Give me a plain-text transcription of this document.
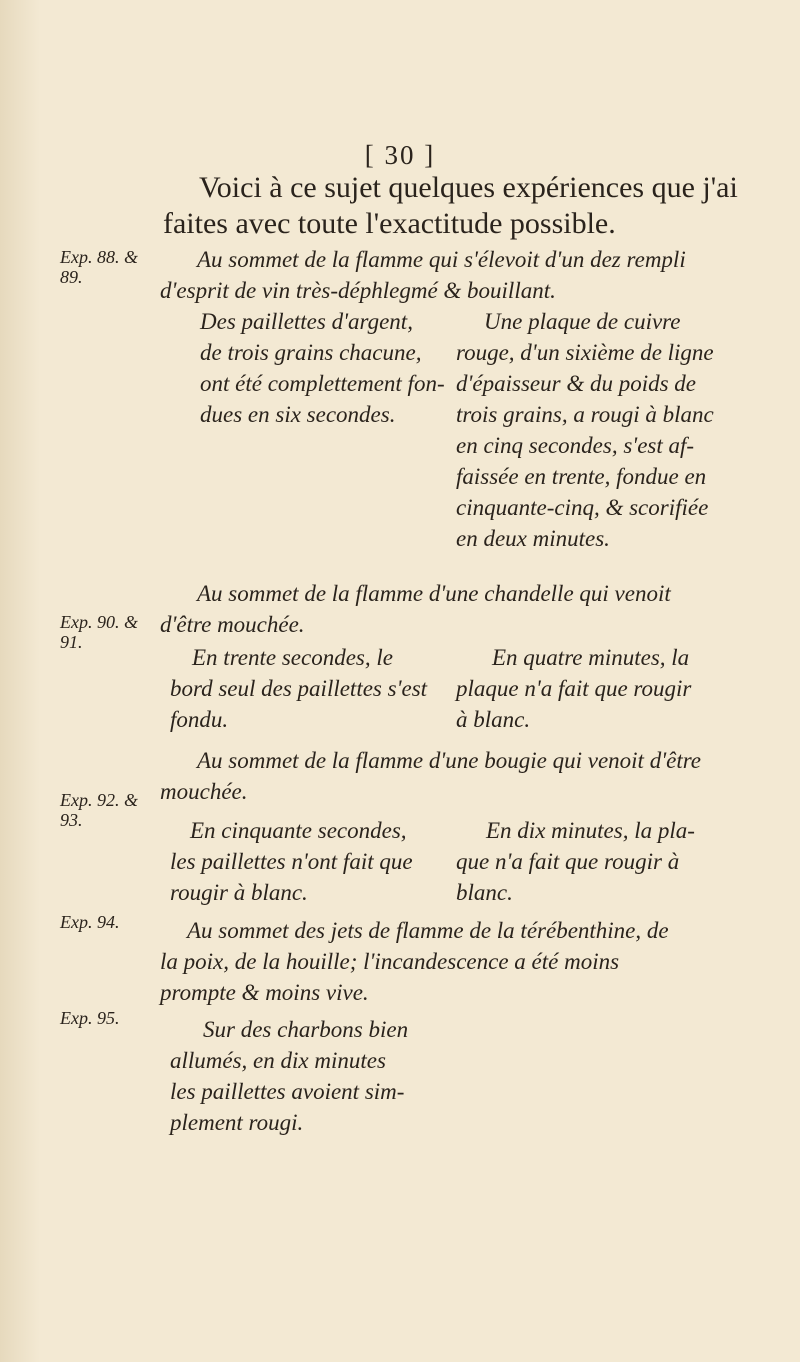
[ 30 ]
Voici à ce sujet quelques expériences que j'ai
faites avec toute l'exactitude possible.
Exp. 88. &
89.
Exp. 90. &
91.
Exp. 92. &
93.
Exp. 94.
Exp. 95.
Au sommet de la flamme qui s'élevoit d'un dez rempli
d'esprit de vin très-déphlegmé & bouillant.
Des paillettes d'argent,
de trois grains chacune,
ont été complettement fon-
dues en six secondes.
Une plaque de cuivre
rouge, d'un sixième de ligne
d'épaisseur & du poids de
trois grains, a rougi à blanc
en cinq secondes, s'est af-
faissée en trente, fondue en
cinquante-cinq, & scorifiée
en deux minutes.
Au sommet de la flamme d'une chandelle qui venoit
d'être mouchée.
En trente secondes, le
bord seul des paillettes s'est
fondu.
En quatre minutes, la
plaque n'a fait que rougir
à blanc.
Au sommet de la flamme d'une bougie qui venoit d'être
mouchée.
En cinquante secondes,
les paillettes n'ont fait que
rougir à blanc.
En dix minutes, la pla-
que n'a fait que rougir à
blanc.
Au sommet des jets de flamme de la térébenthine, de
la poix, de la houille; l'incandescence a été moins
prompte & moins vive.
Sur des charbons bien
allumés, en dix minutes
les paillettes avoient sim-
plement rougi.
